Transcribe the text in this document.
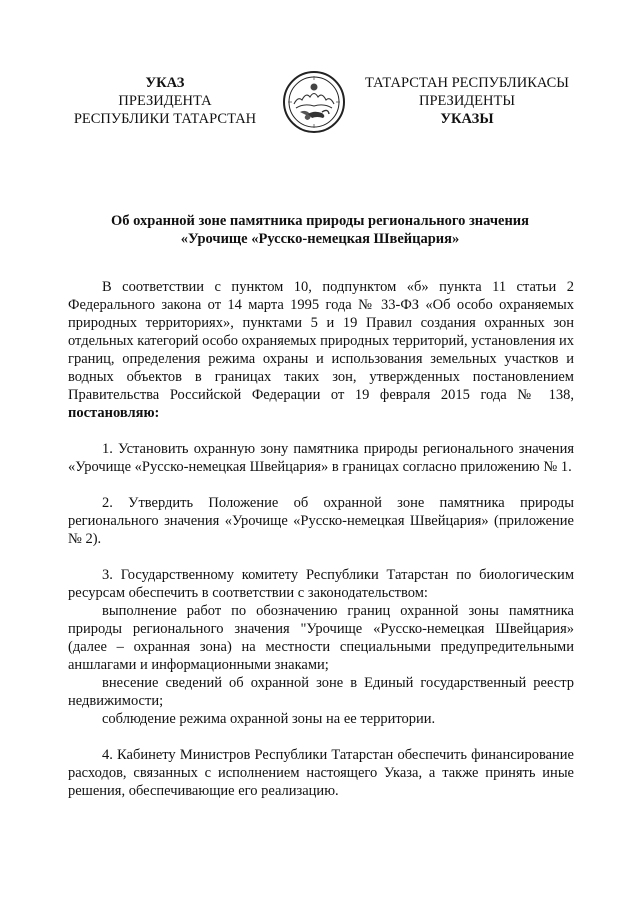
УКАЗ
ПРЕЗИДЕНТА
РЕСПУБЛИКИ ТАТАРСТАН
ТАТАРСТАН РЕСПУБЛИКАСЫ
ПРЕЗИДЕНТЫ
УКАЗЫ
Об охранной зоне памятника природы регионального значения
«Урочище «Русско-немецкая Швейцария»
В соответствии с пунктом 10, подпунктом «б» пункта 11 статьи 2 Федерального закона от 14 марта 1995 года № 33-ФЗ «Об особо охраняемых природных территориях», пунктами 5 и 19 Правил создания охранных зон отдельных категорий особо охраняемых природных территорий, установления их границ, определения режима охраны и использования земельных участков и водных объектов в границах таких зон, утвержденных постановлением Правительства Российской Федерации от 19 февраля 2015 года № 138, постановляю:
1. Установить охранную зону памятника природы регионального значения «Урочище «Русско-немецкая Швейцария» в границах согласно приложению № 1.
2. Утвердить Положение об охранной зоне памятника природы регионального значения «Урочище «Русско-немецкая Швейцария» (приложение № 2).
3. Государственному комитету Республики Татарстан по биологическим ресурсам обеспечить в соответствии с законодательством:
выполнение работ по обозначению границ охранной зоны памятника природы регионального значения "Урочище «Русско-немецкая Швейцария» (далее – охранная зона) на местности специальными предупредительными аншлагами и информационными знаками;
внесение сведений об охранной зоне в Единый государственный реестр недвижимости;
соблюдение режима охранной зоны на ее территории.
4. Кабинету Министров Республики Татарстан обеспечить финансирование расходов, связанных с исполнением настоящего Указа, а также принять иные решения, обеспечивающие его реализацию.
